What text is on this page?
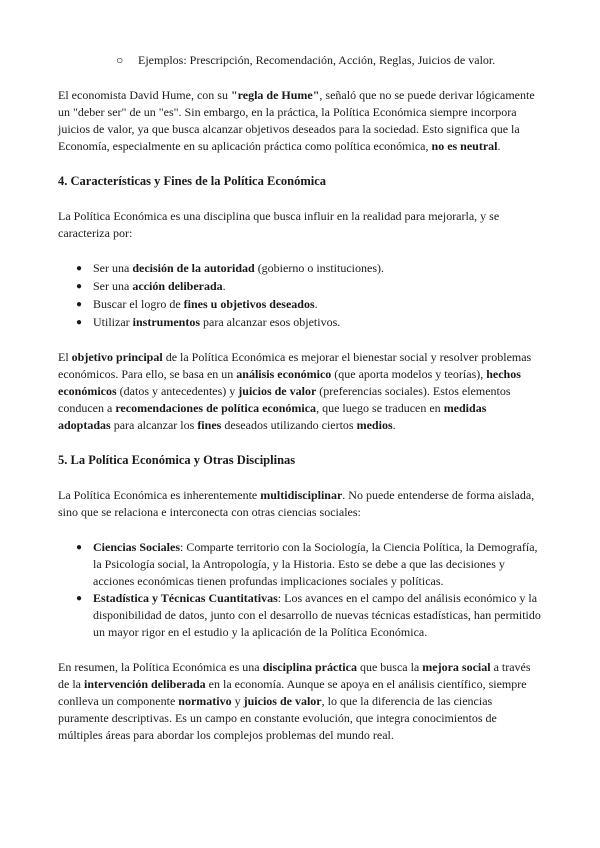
○	Ejemplos: Prescripción, Recomendación, Acción, Reglas, Juicios de valor.

El economista David Hume, con su "regla de Hume", señaló que no se puede derivar lógicamente un "deber ser" de un "es". Sin embargo, en la práctica, la Política Económica siempre incorpora juicios de valor, ya que busca alcanzar objetivos deseados para la sociedad. Esto significa que la Economía, especialmente en su aplicación práctica como política económica, no es neutral.

4. Características y Fines de la Política Económica

La Política Económica es una disciplina que busca influir en la realidad para mejorarla, y se caracteriza por:

● Ser una decisión de la autoridad (gobierno o instituciones).
● Ser una acción deliberada.
● Buscar el logro de fines u objetivos deseados.
● Utilizar instrumentos para alcanzar esos objetivos.

El objetivo principal de la Política Económica es mejorar el bienestar social y resolver problemas económicos. Para ello, se basa en un análisis económico (que aporta modelos y teorías), hechos económicos (datos y antecedentes) y juicios de valor (preferencias sociales). Estos elementos conducen a recomendaciones de política económica, que luego se traducen en medidas adoptadas para alcanzar los fines deseados utilizando ciertos medios.

5. La Política Económica y Otras Disciplinas

La Política Económica es inherentemente multidisciplinar. No puede entenderse de forma aislada, sino que se relaciona e interconecta con otras ciencias sociales:

● Ciencias Sociales: Comparte territorio con la Sociología, la Ciencia Política, la Demografía, la Psicología social, la Antropología, y la Historia. Esto se debe a que las decisiones y acciones económicas tienen profundas implicaciones sociales y políticas.
● Estadística y Técnicas Cuantitativas: Los avances en el campo del análisis económico y la disponibilidad de datos, junto con el desarrollo de nuevas técnicas estadísticas, han permitido un mayor rigor en el estudio y la aplicación de la Política Económica.

En resumen, la Política Económica es una disciplina práctica que busca la mejora social a través de la intervención deliberada en la economía. Aunque se apoya en el análisis científico, siempre conlleva un componente normativo y juicios de valor, lo que la diferencia de las ciencias puramente descriptivas. Es un campo en constante evolución, que integra conocimientos de múltiples áreas para abordar los complejos problemas del mundo real.
